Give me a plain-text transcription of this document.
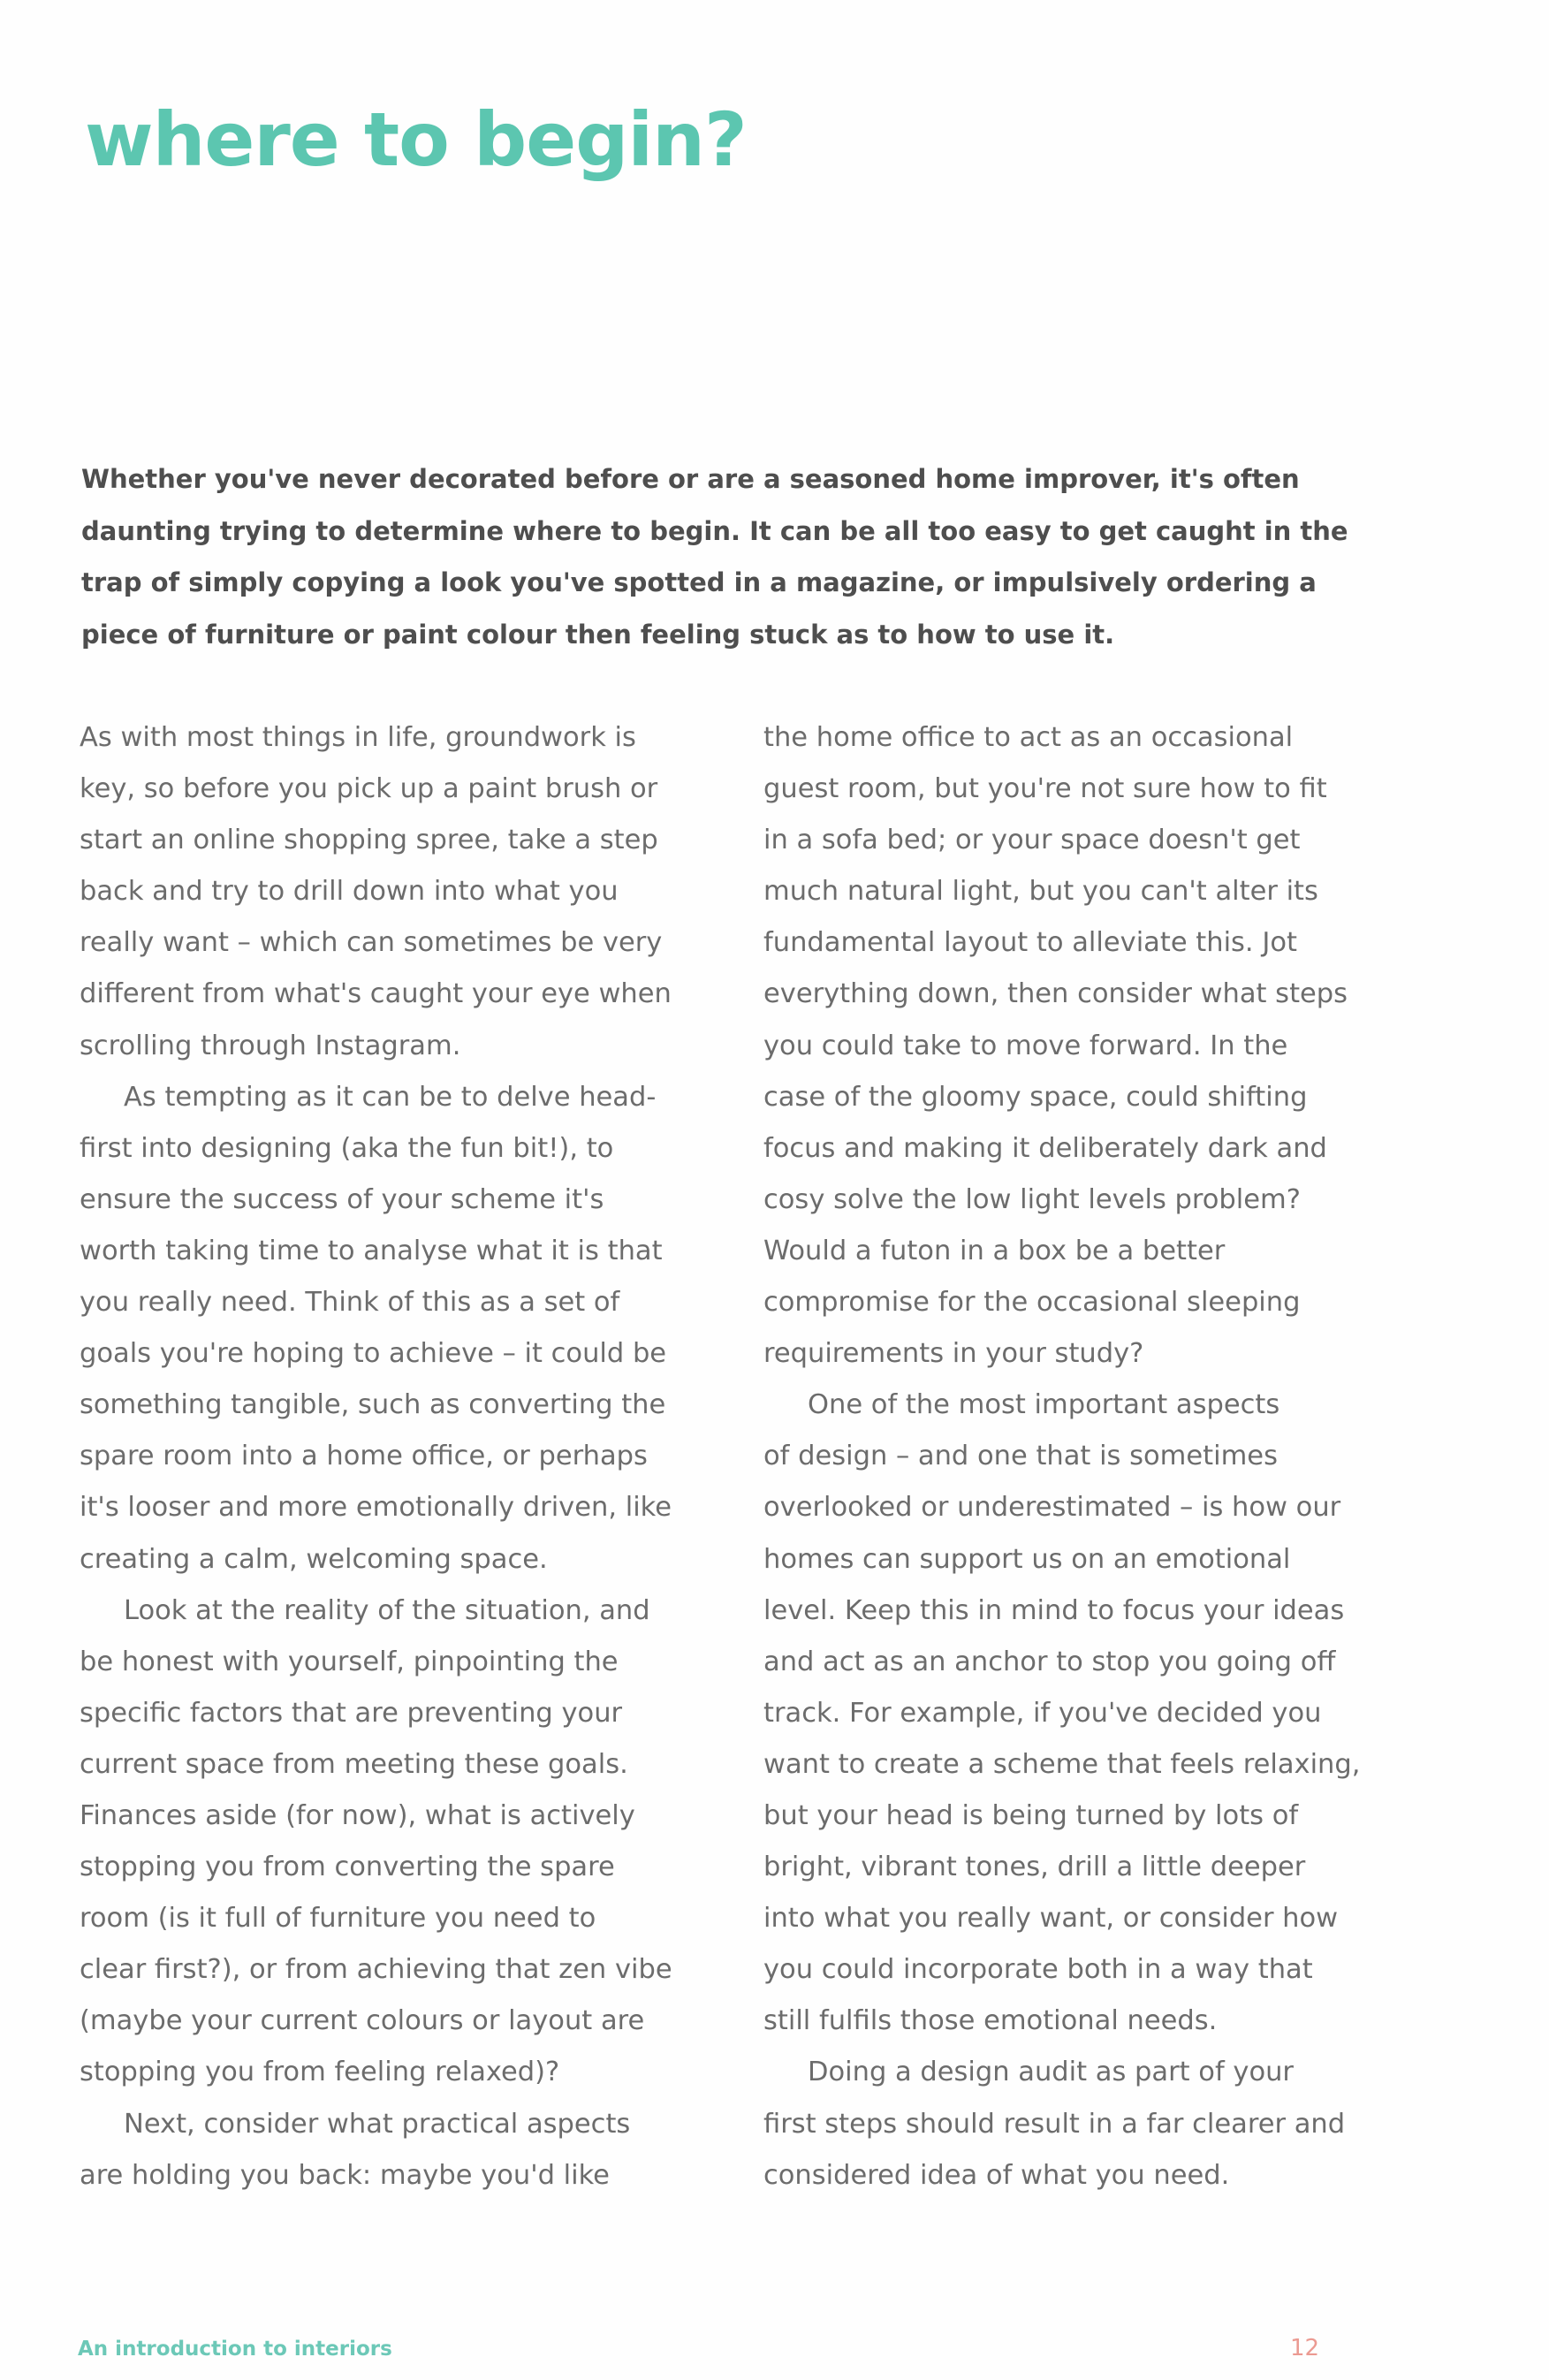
where to begin?

Whether you've never decorated before or are a seasoned home improver, it's often
daunting trying to determine where to begin. It can be all too easy to get caught in the
trap of simply copying a look you've spotted in a magazine, or impulsively ordering a
piece of furniture or paint colour then feeling stuck as to how to use it.

As with most things in life, groundwork is
key, so before you pick up a paint brush or
start an online shopping spree, take a step
back and try to drill down into what you
really want – which can sometimes be very
different from what's caught your eye when
scrolling through Instagram.

As tempting as it can be to delve head-
first into designing (aka the fun bit!), to
ensure the success of your scheme it's
worth taking time to analyse what it is that
you really need. Think of this as a set of
goals you're hoping to achieve – it could be
something tangible, such as converting the
spare room into a home office, or perhaps
it's looser and more emotionally driven, like
creating a calm, welcoming space.

Look at the reality of the situation, and
be honest with yourself, pinpointing the
specific factors that are preventing your
current space from meeting these goals.
Finances aside (for now), what is actively
stopping you from converting the spare
room (is it full of furniture you need to
clear first?), or from achieving that zen vibe
(maybe your current colours or layout are
stopping you from feeling relaxed)?

Next, consider what practical aspects
are holding you back: maybe you'd like

the home office to act as an occasional
guest room, but you're not sure how to fit
in a sofa bed; or your space doesn't get
much natural light, but you can't alter its
fundamental layout to alleviate this. Jot
everything down, then consider what steps
you could take to move forward. In the
case of the gloomy space, could shifting
focus and making it deliberately dark and
cosy solve the low light levels problem?
Would a futon in a box be a better
compromise for the occasional sleeping
requirements in your study?

One of the most important aspects
of design – and one that is sometimes
overlooked or underestimated – is how our
homes can support us on an emotional
level. Keep this in mind to focus your ideas
and act as an anchor to stop you going off
track. For example, if you've decided you
want to create a scheme that feels relaxing,
but your head is being turned by lots of
bright, vibrant tones, drill a little deeper
into what you really want, or consider how
you could incorporate both in a way that
still fulfils those emotional needs.

Doing a design audit as part of your
first steps should result in a far clearer and
considered idea of what you need.

An introduction to interiors	12
